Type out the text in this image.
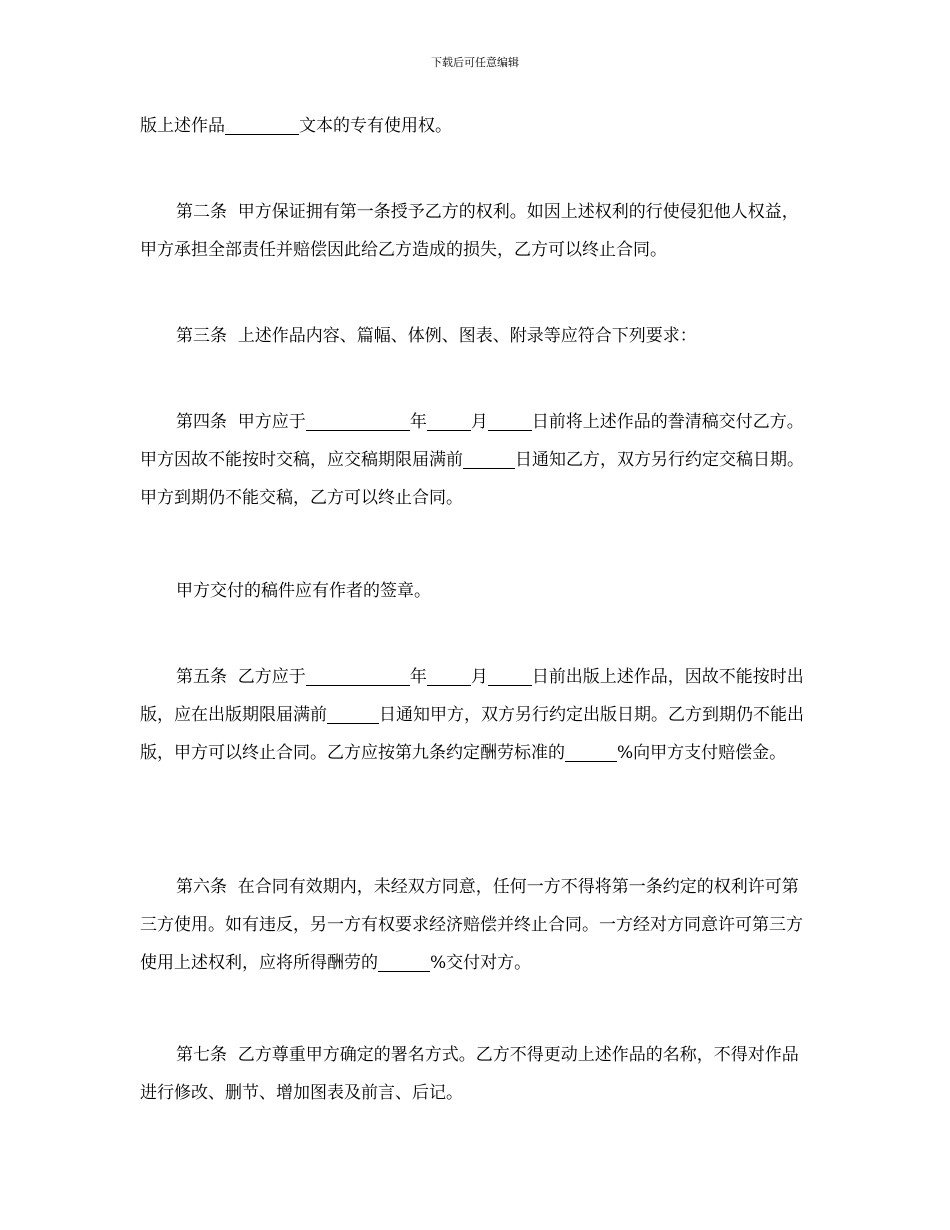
下载后可任意编辑

版上述作品	文本的专有使用权。

第二条  甲方保证拥有第一条授予乙方的权利。如因上述权利的行使侵犯他人权益，甲方承担全部责任并赔偿因此给乙方造成的损失，乙方可以终止合同。

第三条  上述作品内容、篇幅、体例、图表、附录等应符合下列要求：

第四条  甲方应于	年	月	日前将上述作品的誊清稿交付乙方。甲方因故不能按时交稿，应交稿期限届满前	日通知乙方，双方另行约定交稿日期。甲方到期仍不能交稿，乙方可以终止合同。

甲方交付的稿件应有作者的签章。

第五条  乙方应于	年	月	日前出版上述作品，因故不能按时出版，应在出版期限届满前	日通知甲方，双方另行约定出版日期。乙方到期仍不能出版，甲方可以终止合同。乙方应按第九条约定酬劳标准的	%向甲方支付赔偿金。

第六条  在合同有效期内，未经双方同意，任何一方不得将第一条约定的权利许可第三方使用。如有违反，另一方有权要求经济赔偿并终止合同。一方经对方同意许可第三方使用上述权利，应将所得酬劳的	%交付对方。

第七条  乙方尊重甲方确定的署名方式。乙方不得更动上述作品的名称，不得对作品进行修改、删节、增加图表及前言、后记。
